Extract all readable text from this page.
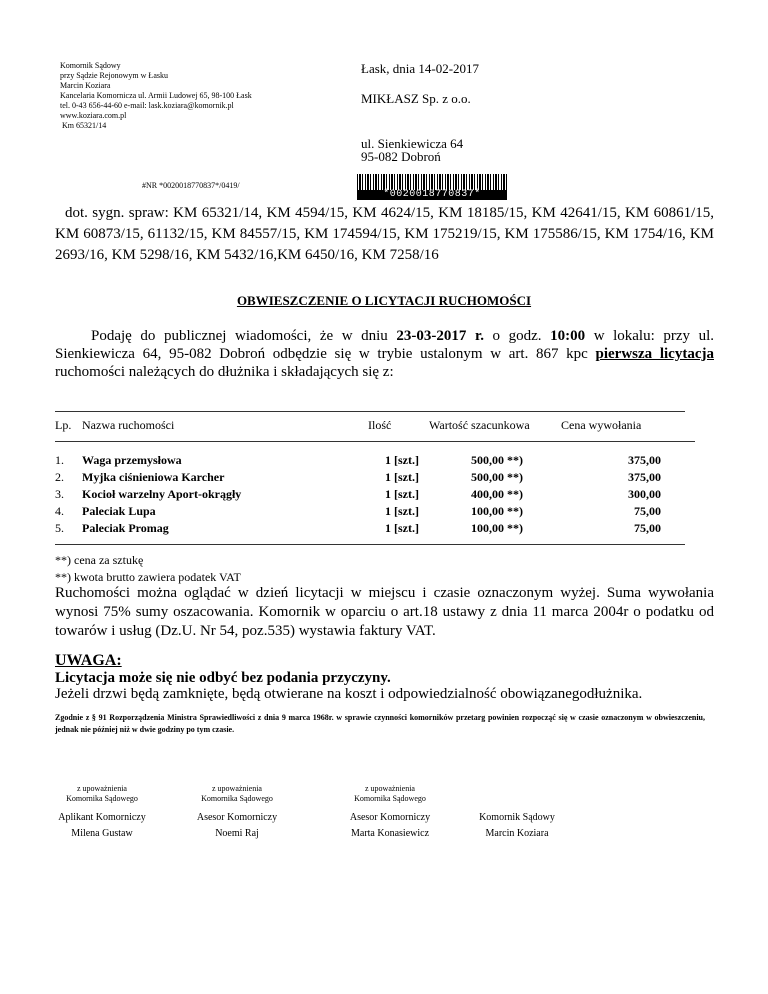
Komornik Sądowy
przy Sądzie Rejonowym w Łasku
Marcin Koziara
Kancelaria Komornicza ul. Armii Ludowej 65, 98-100 Łask
tel. 0-43 656-44-60 e-mail: lask.koziara@komornik.pl
www.koziara.com.pl
Km 65321/14
Łask, dnia 14-02-2017
MIKŁASZ Sp. z o.o.
ul. Sienkiewicza 64
95-082 Dobroń
#NR *0020018770837*/0419/
*0020018770837*
dot. sygn. spraw: KM 65321/14, KM 4594/15, KM 4624/15, KM 18185/15, KM 42641/15, KM 60861/15, KM 60873/15, 61132/15, KM 84557/15, KM 174594/15, KM 175219/15, KM 175586/15, KM 1754/16, KM 2693/16, KM 5298/16, KM 5432/16,KM 6450/16, KM 7258/16
OBWIESZCZENIE O LICYTACJI RUCHOMOŚCI
Podaję do publicznej wiadomości, że w dniu 23-03-2017 r. o godz. 10:00 w lokalu: przy ul. Sienkiewicza 64, 95-082 Dobroń odbędzie się w trybie ustalonym w art. 867 kpc pierwsza licytacja ruchomości należących do dłużnika i składających się z:
Lp. Nazwa ruchomości	Ilość	Wartość szacunkowa	Cena wywołania
1. Waga przemysłowa	1 [szt.]	500,00 **)	375,00
2. Myjka ciśnieniowa Karcher	1 [szt.]	500,00 **)	375,00
3. Kocioł warzelny Aport-okrągły	1 [szt.]	400,00 **)	300,00
4. Paleciak Lupa	1 [szt.]	100,00 **)	75,00
5. Paleciak Promag	1 [szt.]	100,00 **)	75,00
**) cena za sztukę
**) kwota brutto zawiera podatek VAT
Ruchomości można oglądać w dzień licytacji w miejscu i czasie oznaczonym wyżej. Suma wywołania wynosi 75% sumy oszacowania. Komornik w oparciu o art.18 ustawy z dnia 11 marca 2004r o podatku od towarów i usług (Dz.U. Nr 54, poz.535) wystawia faktury VAT.
UWAGA:
Licytacja może się nie odbyć bez podania przyczyny.
Jeżeli drzwi będą zamknięte, będą otwierane na koszt i odpowiedzialność obowiązanegodłużnika.
Zgodnie z § 91 Rozporządzenia Ministra Sprawiedliwości z dnia 9 marca 1968r. w sprawie czynności komorników przetarg powinien rozpocząć się w czasie oznaczonym w obwieszczeniu, jednak nie później niż w dwie godziny po tym czasie.
z upoważnienia
Komornika Sądowego
z upoważnienia
Komornika Sądowego
z upoważnienia
Komornika Sądowego
Aplikant Komorniczy	Asesor Komorniczy	Asesor Komorniczy	Komornik Sądowy
Milena Gustaw	Noemi Raj	Marta Konasiewicz	Marcin Koziara
